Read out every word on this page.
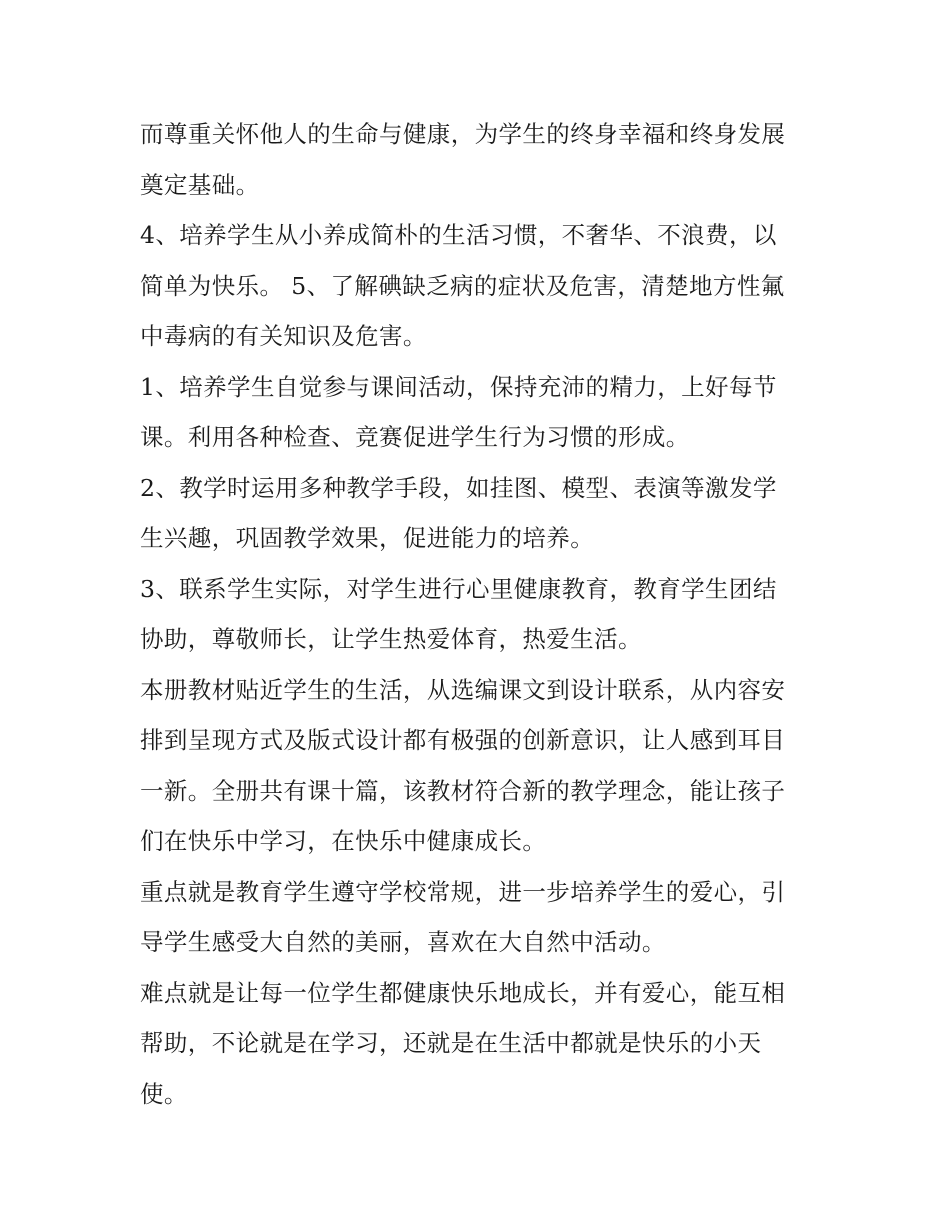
而尊重关怀他人的生命与健康，为学生的终身幸福和终身发展
奠定基础。

4、培养学生从小养成简朴的生活习惯，不奢华、不浪费，以
简单为快乐。 5、了解碘缺乏病的症状及危害，清楚地方性氟
中毒病的有关知识及危害。

1、培养学生自觉参与课间活动，保持充沛的精力，上好每节
课。利用各种检查、竞赛促进学生行为习惯的形成。

2、教学时运用多种教学手段，如挂图、模型、表演等激发学
生兴趣，巩固教学效果，促进能力的培养。

3、联系学生实际，对学生进行心里健康教育，教育学生团结
协助，尊敬师长，让学生热爱体育，热爱生活。

本册教材贴近学生的生活，从选编课文到设计联系，从内容安
排到呈现方式及版式设计都有极强的创新意识，让人感到耳目
一新。全册共有课十篇，该教材符合新的教学理念，能让孩子
们在快乐中学习，在快乐中健康成长。

重点就是教育学生遵守学校常规，进一步培养学生的爱心，引
导学生感受大自然的美丽，喜欢在大自然中活动。

难点就是让每一位学生都健康快乐地成长，并有爱心，能互相
帮助，不论就是在学习，还就是在生活中都就是快乐的小天
使。
